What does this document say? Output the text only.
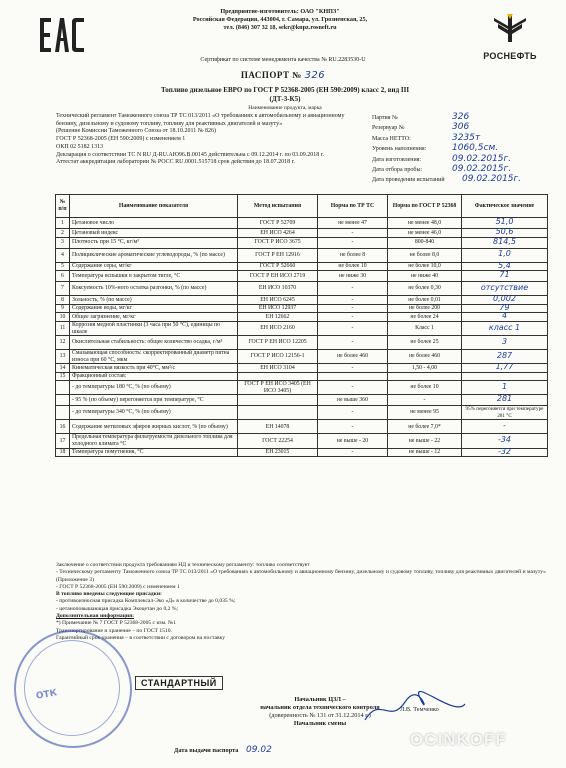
Предприятие-изготовитель: ОАО "КНПЗ"
Российская Федерация, 443004, г. Самара, ул. Грозненская, 25,
тел. (846) 307 32 18, sekr@knpz.rosneft.ru
РОСНЕФТЬ
Сертификат по системе менеджмента качества № RU.2283530-U
ПАСПОРТ № 326
Топливо дизельное ЕВРО по ГОСТ Р 52368-2005 (ЕН 590:2009) класс 2, вид III
(ДТ-3-К5)
Наименование продукта, марка
Технический регламент Таможенного союза ТР ТС 013/2011 «О требованиях к автомобильному и авиационному бензину, дизельному и судовому топливу, топливу для реактивных двигателей и мазуту»
(Решение Комиссии Таможенного Союза от 18.10.2011 № 826)
ГОСТ Р 52368-2005 (ЕН 590:2009) с изменением 1
ОКП 02 5182 1313
Декларация о соответствии ТС N RU Д-RU.АЮ96.В.00145 действительна с 09.12.2014 г. по 03.09.2018 г.
Аттестат аккредитации лаборатории № РОСС RU.0001.515718 срок действия до 18.07.2018 г.
Партия №	326
Резервуар №	306
Масса НЕТТО:	3235т
Уровень наполнения:	1060,5см.
Дата изготовления:	09.02.2015г.
Дата отбора пробы:	09.02.2015г.
Дата проведения испытаний 09.02.2015г.
№ п/п	Наименование показателя	Метод испытания	Норма по ТР ТС	Норма по ГОСТ Р 52368	Фактическое значение
1	Цетановое число	ГОСТ Р 52709	не менее 47	не менее 48,0	51,0
2	Цетановый индекс	ЕН ИСО 4264	-	не менее 46,0	50,6
3	Плотность при 15 °С, кг/м³	ГОСТ Р ИСО 3675	-	800-840	814,5
4	Полициклические ароматические углеводороды, % (по массе)	ГОСТ Р ЕН 12916	не более 8	не более 8,0	1,0
5	Содержание серы, мг/кг	ГОСТ Р 52660	не более 10	не более 10,0	5,4
6	Температура вспышки в закрытом тигле, °С	ГОСТ Р ЕН ИСО 2719	не ниже 30	не ниже 40	71
7	Коксуемость 10%-ного остатка разгонки, % (по массе)	ЕН ИСО 10370	-	не более 0,30	отсутствие
8	Зольность, % (по массе)	ЕН ИСО 6245	-	не более 0,01	0,002
9	Содержание воды, мг/кг	ЕН ИСО 12937	-	не более 200	79
10	Общее загрязнение, мг/кг	ЕН 12662	-	не более 24	4
11	Коррозия медной пластинки (3 часа при 50 °С), единицы по шкале	ЕН ИСО 2160	-	Класс 1	класс 1
12	Окислительная стабильность: общее количество осадка, г/м³	ГОСТ Р ЕН ИСО 12205	-	не более 25	3
13	Смазывающая способность: скорректированный диаметр пятна износа при 60 °С, мкм	ГОСТ Р ИСО 12156-1	не более 460	не более 460	287
14	Кинематическая вязкость при 40°С, мм²/с	ЕН ИСО 3104	-	1,50 - 4,00	1,77
15	Фракционный состав:				
	- до температуры 180 °С, % (по объему)	ГОСТ Р ЕН ИСО 3405 (ЕН ИСО 3405)	-	не более 10	1
	- 95 % (по объему) перегоняется при температуре, °С		не выше 360	-	281
	- до температуры 340 °С, % (по объему)		-	не менее 95	95% перегоняется при температуре 281 °С
16	Содержание метиловых эфиров жирных кислот, % (по объему)	ЕН 14078	-	не более 7,0*	-
17	Предельная температура фильтруемости дизельного топлива для холодного климата °С	ГОСТ 22254	не выше - 20	не выше - 22	-34
18	Температура помутнения, °С	ЕН 23015	-	не выше - 12	-32
Заключение о соответствии продукта требованиям НД и техническому регламенту: топливо соответствует
- Техническому регламенту Таможенного союза ТР ТС 013/2011 «О требованиях к автомобильному и авиационному бензину, дизельному и судовому топливу, топливу для реактивных двигателей и мазуту» (Приложение 3)
- ГОСТ Р 52368-2005 (ЕН 590:2009) с изменением 1
В топливо введены следующие присадки:
- противоизносная присадка Комплексал-Эко «Д» в количестве до 0,035 %;
- цетаноповышающая присадка Экоцетан до 0,2 %;
Дополнительная информация:
*) Примечание № 7 ГОСТ Р 52368-2005 с изм. №1
Транспортирование и хранение – по ГОСТ 1510.
Гарантийный срок хранения – в соответствии с договором на поставку
ОТК
СТАНДАРТНЫЙ
Начальник ЦЗЛ –
начальник отдела технического контроля
(доверенность № 131 от 31.12.2014 г.)
Начальник смены
Л.В. Темченко
Дата выдачи паспорта 09.02
OCINKOFF
